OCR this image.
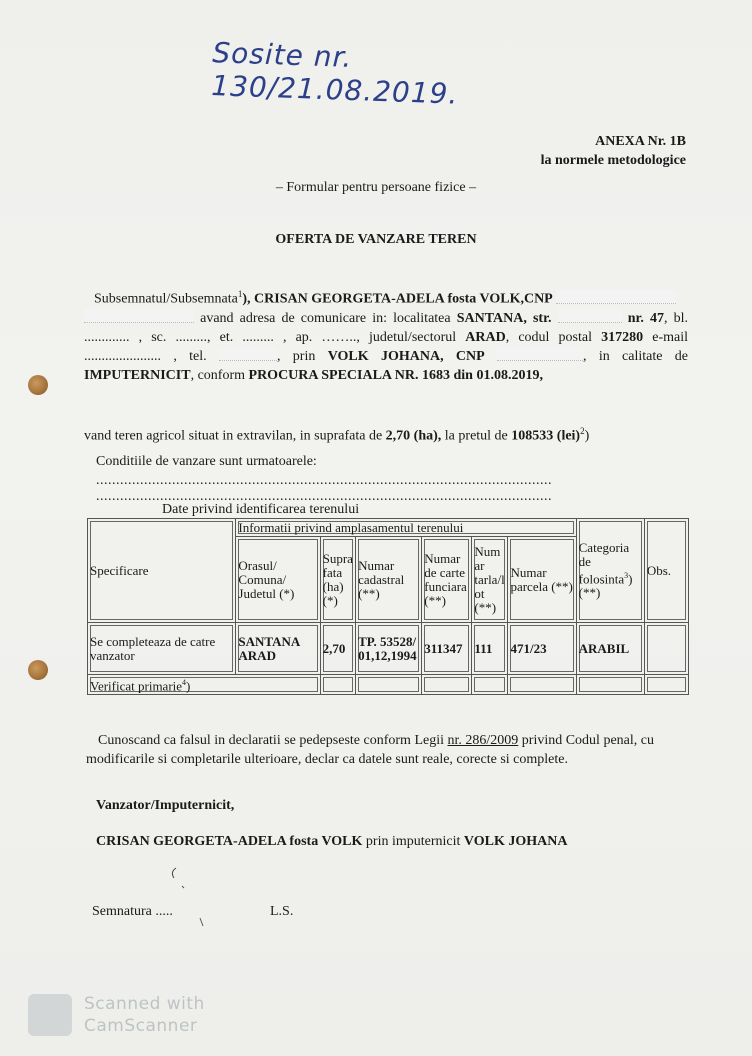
Sosite nr. 130/21.08.2019.
ANEXA Nr. 1B
la normele metodologice
– Formular pentru persoane fizice –
OFERTA DE VANZARE TEREN
Subsemnatul/Subsemnata$^1$), CRISAN GEORGETA-ADELA fosta VOLK,CNP
avand adresa de comunicare in: localitatea SANTANA, str.	nr. 47, bl. ............. , sc. ........., et. ......... , ap. …….., judetul/sectorul ARAD, codul postal 317280 e-mail ...................... , tel.	, prin VOLK JOHANA, CNP	, in calitate de IMPUTERNICIT, conform PROCURA SPECIALA NR. 1683 din 01.08.2019,
vand teren agricol situat in extravilan, in suprafata de 2,70 (ha), la pretul de 108533 (lei)$^2$)
Conditiile de vanzare sunt urmatoarele:
..................................................................................................................
..................................................................................................................
Date privind identificarea terenului
Specificare	Informatii privind amplasamentul terenului						Categoria de folosinta$^3$) (**)	Obs.
	Orasul/ Comuna/ Judetul (*)	Supra fata (ha) (*)	Numar cadastral (**)	Numar de carte funciara (**)	Num ar tarla/l ot (**)	Numar parcela (**)		
Se completeaza de catre vanzator	SANTANA ARAD	2,70	TP. 53528/ 01,12,1994	311347	111	471/23	ARABIL	
Verificat primarie$^4$)								
Cunoscand ca falsul in declaratii se pedepseste conform Legii nr. 286/2009 privind Codul penal, cu modificarile si completarile ulterioare, declar ca datele sunt reale, corecte si complete.
Vanzator/Imputernicit,
CRISAN GEORGETA-ADELA fosta VOLK prin imputernicit VOLK JOHANA
Semnatura .....	L.S.
Scanned with
CamScanner
